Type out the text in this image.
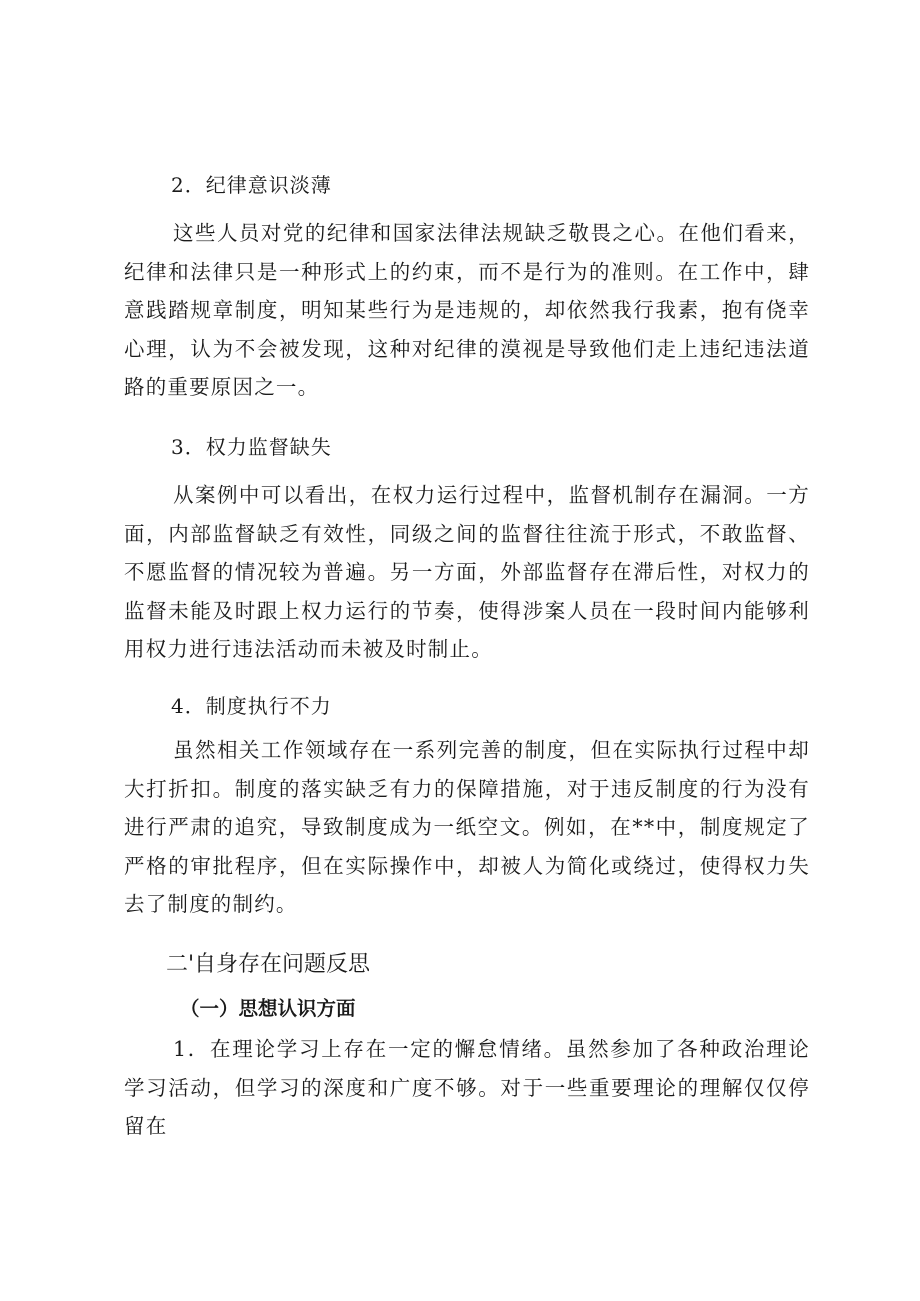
2．纪律意识淡薄

这些人员对党的纪律和国家法律法规缺乏敬畏之心。在他们看来，纪律和法律只是一种形式上的约束，而不是行为的准则。在工作中，肆意践踏规章制度，明知某些行为是违规的，却依然我行我素，抱有侥幸心理，认为不会被发现，这种对纪律的漠视是导致他们走上违纪违法道路的重要原因之一。

3．权力监督缺失

从案例中可以看出，在权力运行过程中，监督机制存在漏洞。一方面，内部监督缺乏有效性，同级之间的监督往往流于形式，不敢监督、不愿监督的情况较为普遍。另一方面，外部监督存在滞后性，对权力的监督未能及时跟上权力运行的节奏，使得涉案人员在一段时间内能够利用权力进行违法活动而未被及时制止。

4．制度执行不力

虽然相关工作领域存在一系列完善的制度，但在实际执行过程中却大打折扣。制度的落实缺乏有力的保障措施，对于违反制度的行为没有进行严肃的追究，导致制度成为一纸空文。例如，在**中，制度规定了严格的审批程序，但在实际操作中，却被人为简化或绕过，使得权力失去了制度的制约。

二'自身存在问题反思
（一）思想认识方面

1．在理论学习上存在一定的懈怠情绪。虽然参加了各种政治理论学习活动，但学习的深度和广度不够。对于一些重要理论的理解仅仅停留在
